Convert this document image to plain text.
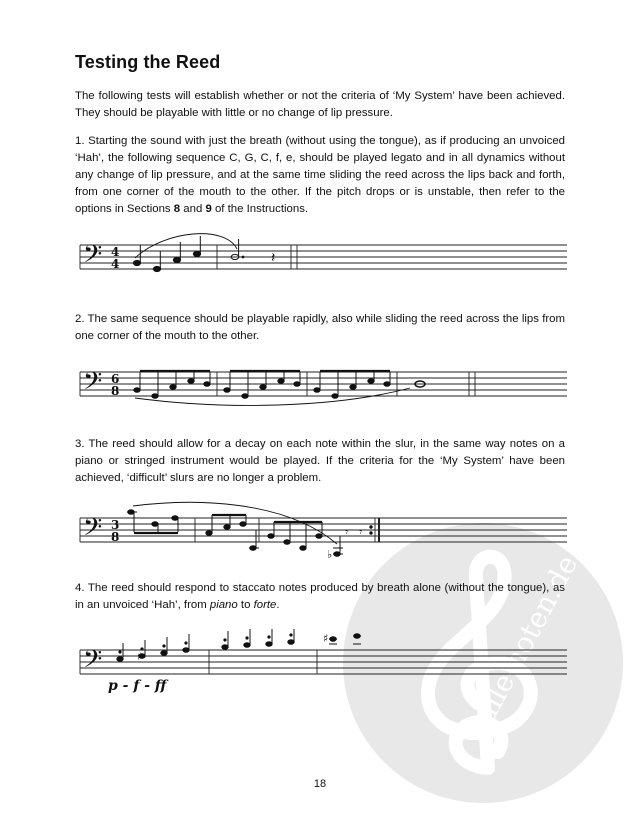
alle-noten.de
Testing the Reed

The following tests will establish whether or not the criteria of ‘My System’ have been achieved. They should be playable with little or no change of lip pressure.

1. Starting the sound with just the breath (without using the tongue), as if producing an unvoiced ‘Hah’, the following sequence C, G, C, f, e, should be played legato and in all dynamics without any change of lip pressure, and at the same time sliding the reed across the lips back and forth, from one corner of the mouth to the other. If the pitch drops or is unstable, then refer to the options in Sections 8 and 9 of the Instructions.

𝄢 4
4	𝄽

2. The same sequence should be playable rapidly, also while sliding the reed across the lips from one corner of the mouth to the other.

𝄢 6
8

3. The reed should allow for a decay on each note within the slur, in the same way notes on a piano or stringed instrument would be played. If the criteria for the ‘My System’ have been achieved, ‘difficult’ slurs are no longer a problem.

𝄢 3
8
♭
𝄾 𝄾

4. The reed should respond to staccato notes produced by breath alone (without the tongue), as in an unvoiced ‘Hah’, from piano to forte.

𝄢	♯
♯
p - f - ff
18
